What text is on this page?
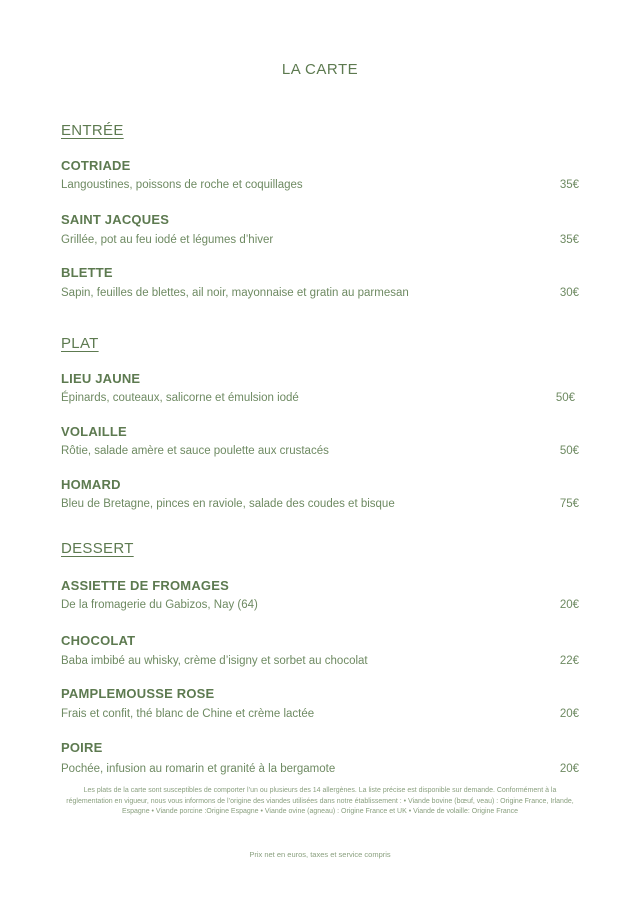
LA CARTE
ENTRÉE
COTRIADE
Langoustines, poissons de roche et coquillages	35€
SAINT JACQUES
Grillée, pot au feu iodé et légumes d’hiver	35€
BLETTE
Sapin, feuilles de blettes, ail noir, mayonnaise et gratin au parmesan	30€
PLAT
LIEU JAUNE
Épinards, couteaux, salicorne et émulsion iodé	50€
VOLAILLE
Rôtie, salade amère et sauce poulette aux crustacés	50€
HOMARD
Bleu de Bretagne, pinces en raviole, salade des coudes et bisque	75€
DESSERT
ASSIETTE DE FROMAGES
De la fromagerie du Gabizos, Nay (64)	20€
CHOCOLAT
Baba imbibé au whisky, crème d’isigny et sorbet au chocolat	22€
PAMPLEMOUSSE ROSE
Frais et confit, thé blanc de Chine et crème lactée	20€
POIRE
Pochée, infusion au romarin et granité à la bergamote	20€
Les plats de la carte sont susceptibles de comporter l’un ou plusieurs des 14 allergènes. La liste précise est disponible sur demande. Conformément à la réglementation en vigueur, nous vous informons de l’origine des viandes utilisées dans notre établissement : • Viande bovine (bœuf, veau) : Origine France, Irlande, Espagne • Viande porcine :Origine Espagne • Viande ovine (agneau) : Origine France et UK • Viande de volaille: Origine France
Prix net en euros, taxes et service compris
